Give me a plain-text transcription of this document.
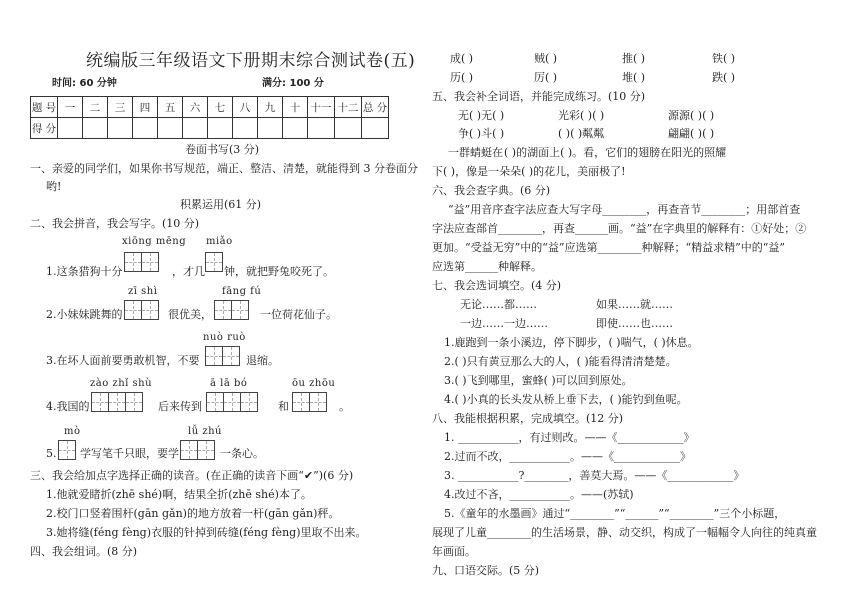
统编版三年级语文下册期末综合测试卷(五)
时间: 60 分钟	满分: 100 分
题 号	一	二	三	四	五	六	七	八	九	十	十一	十二	总 分
得 分													
卷面书写(3 分)
一、亲爱的同学们，如果你书写规范，端正、整洁、清楚，就能得到 3 分卷面分
哟!
积累运用(61 分)
二、我会拼音，我会写字。(10 分)
xiōng mēng miǎo
1.这条猎狗十分	，才几 钟，就把野兔咬死了。
zī shì	fāng fú
2.小妹妹跳舞的	很优美，	一位荷花仙子。
nuò ruò
3.在坏人面前要勇敢机智，不要	退缩。
zào zhǐ shù	ā lā bó	ōu zhōu
4.我国的	后来传到	和	。
mò	lǚ zhú
5. 学写笔千只眼，要学	一条心。
三、我会给加点字选择正确的读音。(在正确的读音下画“✔”)(6 分)
1.他就爱睹折(zhē shé)啊，结果全折(zhē shé)本了。
2.校门口竖着围杆(gān gǎn)的地方放着一杆(gān gǎn)秤。
3.她将缝(féng fèng)衣服的针掉到砖缝(féng fèng)里取不出来。
四、我会组词。(8 分)
成( )	贼( )	推( )	铁( )
历( )	厉( )	堆( )	跌( )
五、我会补全词语，并能完成练习。(10 分)
无( )无( )	光彩( )( )	源源( )( )
争( )斗( )	( )( )粼粼	翩翩( )( )
一群蜻蜓在 ( )的湖面上( )。看，它们的翅膀在阳光的照耀
下( )，像是一朵朵( )的花儿，美丽极了!
六、我会查字典。(6 分)
“益”用音序查字法应查大写字母________，再查音节________；用部首查
字法应查部首________，再查______画。“益”在字典里的解释有：①好处；②
更加。“受益无穷”中的“益”应选第________种解释；“精益求精”中的“益”
应选第______种解释。
七、我会选词填空。(4 分)
无论……都……	如果……就……
一边……一边……	即使……也……
1.鹿跑到一条小溪边，停下脚步，( )喘气，( )休息。
2.( )只有黄豆那么大的人，( )能看得清清楚楚。
3.( )飞到哪里，蜜蜂( )可以回到原处。
4.( )小真的长头发从桥上垂下去，( )能钓到鱼呢。
八、我能根据积累，完成填空。(12 分)
1. ___________，有过则改。——《____________》
2.过而不改，___________。——《____________》
3. ___________?________，善莫大焉。——《____________》
4.改过不吝，___________。——(苏轼)
5.《童年的水墨画》通过“________”“______”“________”三个小标题，
展现了儿童________的生活场景，静、动交织，构成了一幅幅令人向往的纯真童
年画面。
九、口语交际。(5 分)
